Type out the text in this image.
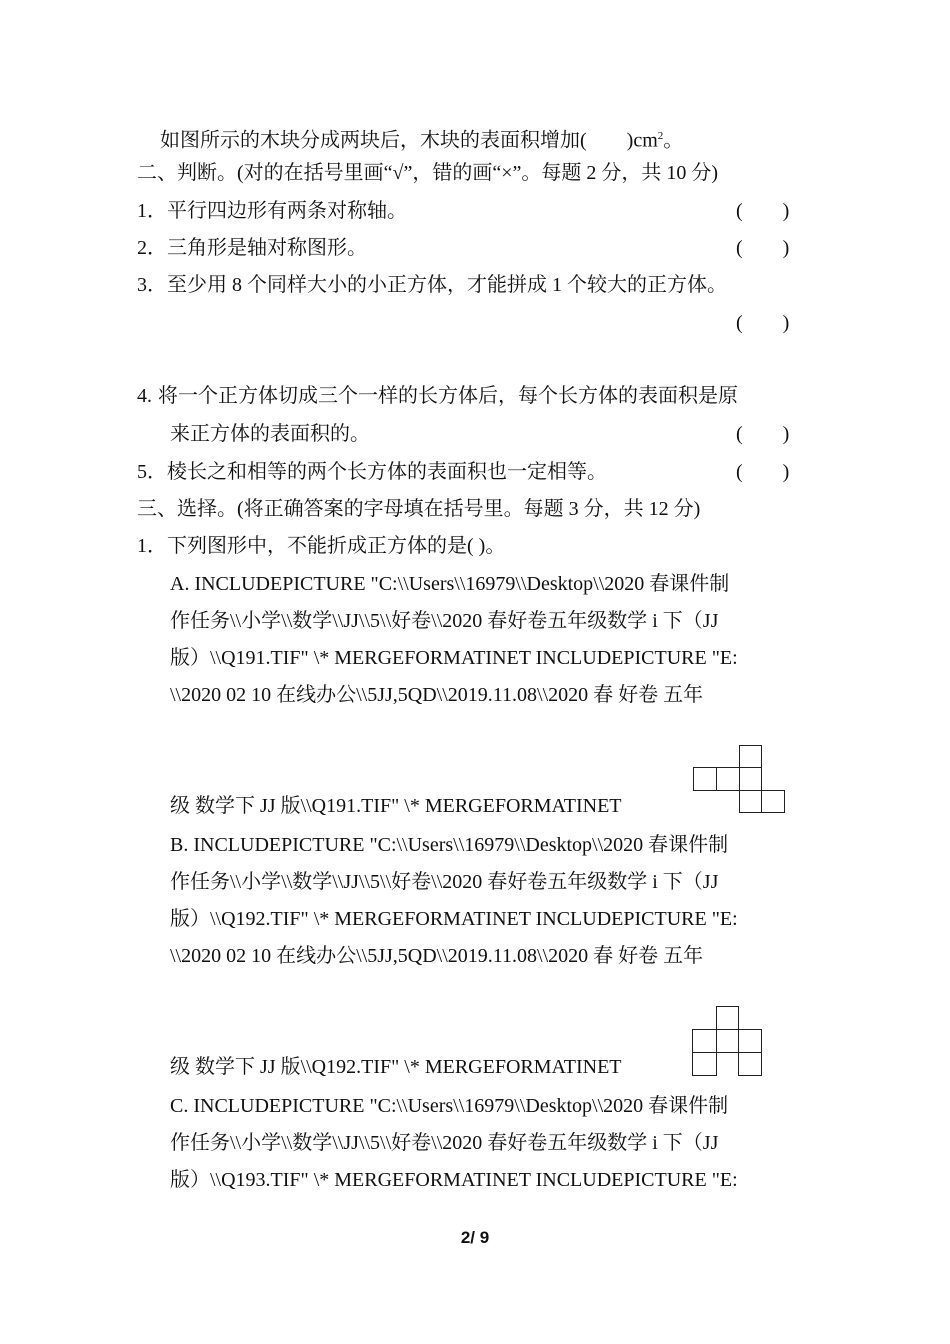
如图所示的木块分成两块后，木块的表面积增加( )$cm^2$。
二、判断。(对的在括号里画“√”，错的画“×”。每题 2 分，共 10 分)
1．平行四边形有两条对称轴。	(        )
2．三角形是轴对称图形。	(        )
3．至少用 8 个同样大小的小正方体，才能拼成 1 个较大的正方体。
(        )
4. 将一个正方体切成三个一样的长方体后，每个长方体的表面积是原
来正方体的表面积的。	(        )
5．棱长之和相等的两个长方体的表面积也一定相等。	(        )
三、选择。(将正确答案的字母填在括号里。每题 3 分，共 12 分)
1．下列图形中，不能折成正方体的是( )。
A. INCLUDEPICTURE "C:\\Users\\16979\\Desktop\\2020 春课件制
作任务\\小学\\数学\\JJ\\5\\好卷\\2020 春好卷五年级数学 i 下（JJ
版）\\Q191.TIF" \* MERGEFORMATINET INCLUDEPICTURE "E:
\\2020 02 10 在线办公\\5JJ,5QD\\2019.11.08\\2020 春 好卷 五年
级 数学下 JJ 版\\Q191.TIF" \* MERGEFORMATINET
B. INCLUDEPICTURE "C:\\Users\\16979\\Desktop\\2020 春课件制
作任务\\小学\\数学\\JJ\\5\\好卷\\2020 春好卷五年级数学 i 下（JJ
版）\\Q192.TIF" \* MERGEFORMATINET INCLUDEPICTURE "E:
\\2020 02 10 在线办公\\5JJ,5QD\\2019.11.08\\2020 春 好卷 五年
级 数学下 JJ 版\\Q192.TIF" \* MERGEFORMATINET
C. INCLUDEPICTURE "C:\\Users\\16979\\Desktop\\2020 春课件制
作任务\\小学\\数学\\JJ\\5\\好卷\\2020 春好卷五年级数学 i 下（JJ
版）\\Q193.TIF" \* MERGEFORMATINET INCLUDEPICTURE "E:
2/ 9
